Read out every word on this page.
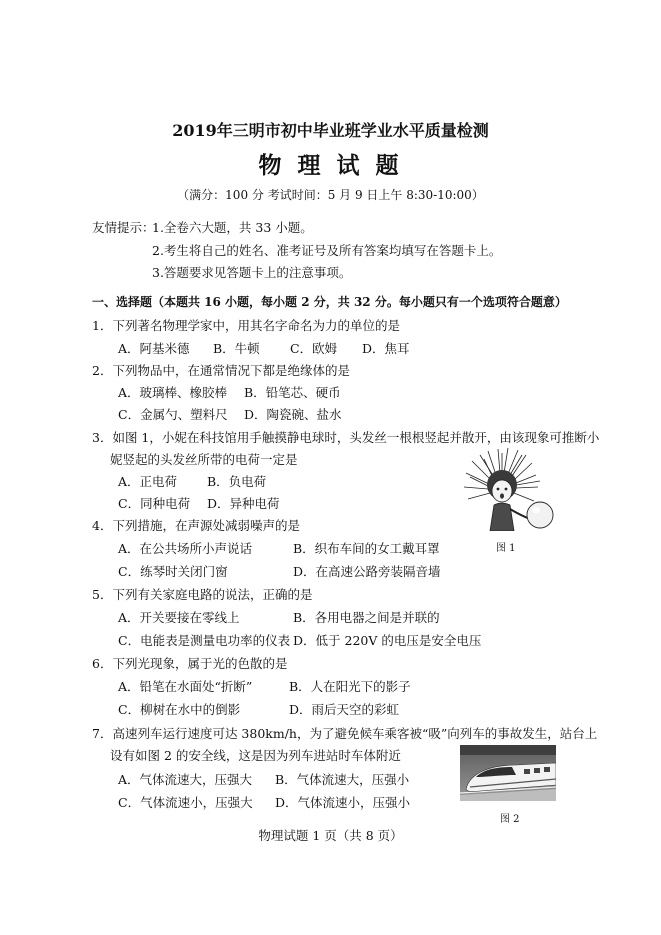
2019年三明市初中毕业班学业水平质量检测
物 理 试 题
（满分：100 分 考试时间：5 月 9 日上午 8:30-10:00）
友情提示：
1.全卷六大题，共 33 小题。
2.考生将自己的姓名、准考证号及所有答案均填写在答题卡上。
3.答题要求见答题卡上的注意事项。
一、选择题（本题共 16 小题，每小题 2 分，共 32 分。每小题只有一个选项符合题意）
1．下列著名物理学家中，用其名字命名为力的单位的是
A．阿基米德 B．牛顿 C．欧姆 D．焦耳
2．下列物品中，在通常情况下都是绝缘体的是
A．玻璃棒、橡胶棒 B．铅笔芯、硬币
C．金属勺、塑料尺 D．陶瓷碗、盐水
3．如图 1，小妮在科技馆用手触摸静电球时，头发丝一根根竖起并散开，由该现象可推断小
妮竖起的头发丝所带的电荷一定是
A．正电荷 B．负电荷
C．同种电荷 D．异种电荷
图 1
4．下列措施，在声源处减弱噪声的是
A．在公共场所小声说话	B．织布车间的女工戴耳罩
C．练琴时关闭门窗	D．在高速公路旁装隔音墙
5．下列有关家庭电路的说法，正确的是
A．开关要接在零线上	B．各用电器之间是并联的
C．电能表是测量电功率的仪表 D．低于 220V 的电压是安全电压
6．下列光现象，属于光的色散的是
A．铅笔在水面处“折断”	B．人在阳光下的影子
C．柳树在水中的倒影	D．雨后天空的彩虹
7．高速列车运行速度可达 380km/h，为了避免候车乘客被“吸”向列车的事故发生，站台上
设有如图 2 的安全线，这是因为列车进站时车体附近
A．气体流速大，压强大 B．气体流速大，压强小
C．气体流速小，压强大 D．气体流速小，压强小
图 2
物理试题 1 页（共 8 页）
